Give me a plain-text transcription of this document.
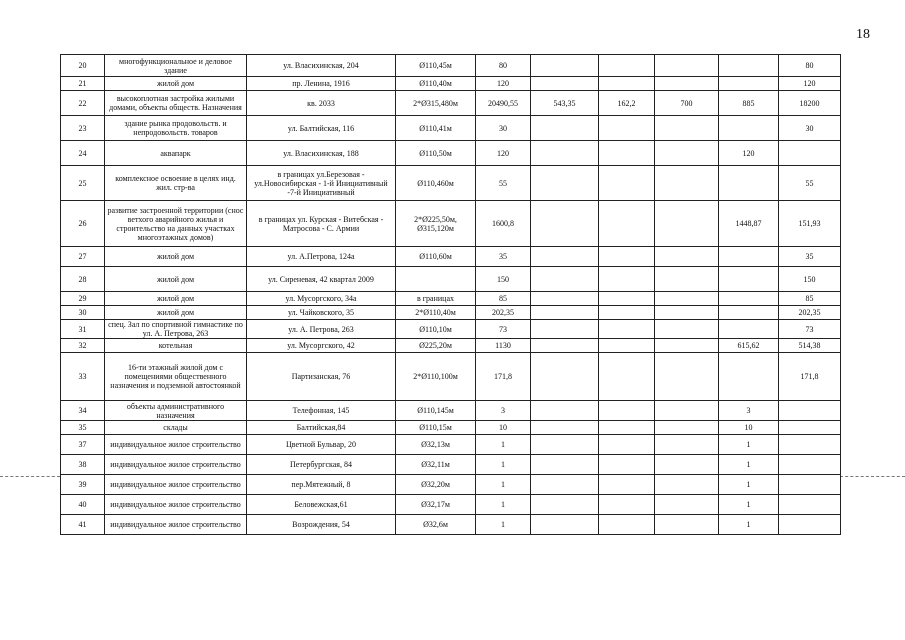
18
20	многофункциональное и деловое здание	ул. Власихинская, 204	Ø110,45м	80					80
21	жилой дом	пр. Ленина, 1916	Ø110,40м	120					120
22	высокоплотная застройка жилыми домами, объекты обществ. Назначения	кв. 2033	2*Ø315,480м	20490,55	543,35	162,2	700	885	18200
23	здание рынка продовольств. и непродовольств. товаров	ул. Балтийская, 116	Ø110,41м	30					30
24	аквапарк	ул. Власихинская, 188	Ø110,50м	120				120	
25	комплексное освоение в целях инд. жил. стр-ва	в границах ул.Березовая - ул.Новосибирская - 1-й Инициативный -7-й Инициативный	Ø110,460м	55					55
26	развитие застроенной территории (снос ветхого аварийного жилья и строительство на данных участках многоэтажных домов)	в границах ул. Курская - Витебская - Матросова - С. Армии	2*Ø225,50м, Ø315,120м	1600,8				1448,87	151,93
27	жилой дом	ул. А.Петрова, 124а	Ø110,60м	35					35
28	жилой дом	ул. Сиреневая, 42 квартал 2009		150					150
29	жилой дом	ул. Мусоргского, 34а	в границах	85					85
30	жилой дом	ул. Чайковского, 35	2*Ø110,40м	202,35					202,35
31	спец. Зал по спортивной гимнастике по ул. А. Петрова, 263	ул. А. Петрова, 263	Ø110,10м	73					73
32	котельная	ул. Мусоргского, 42	Ø225,20м	1130				615,62	514,38
33	16-ти этажный жилой дом с помещениями общественного назначения и подземной автостоянкой	Партизанская, 76	2*Ø110,100м	171,8					171,8
34	объекты административного назначения	Телефонная, 145	Ø110,145м	3				3	
35	склады	Балтийская,84	Ø110,15м	10				10	
37	индивидуальное жилое строительство	Цветной Бульвар, 20	Ø32,13м	1				1	
38	индивидуальное жилое строительство	Петербургская, 84	Ø32,11м	1				1	
39	индивидуальное жилое строительство	пер.Мятежный, 8	Ø32,20м	1				1	
40	индивидуальное жилое строительство	Беловежская,61	Ø32,17м	1				1	
41	индивидуальное жилое строительство	Возрождения, 54	Ø32,6м	1				1	
